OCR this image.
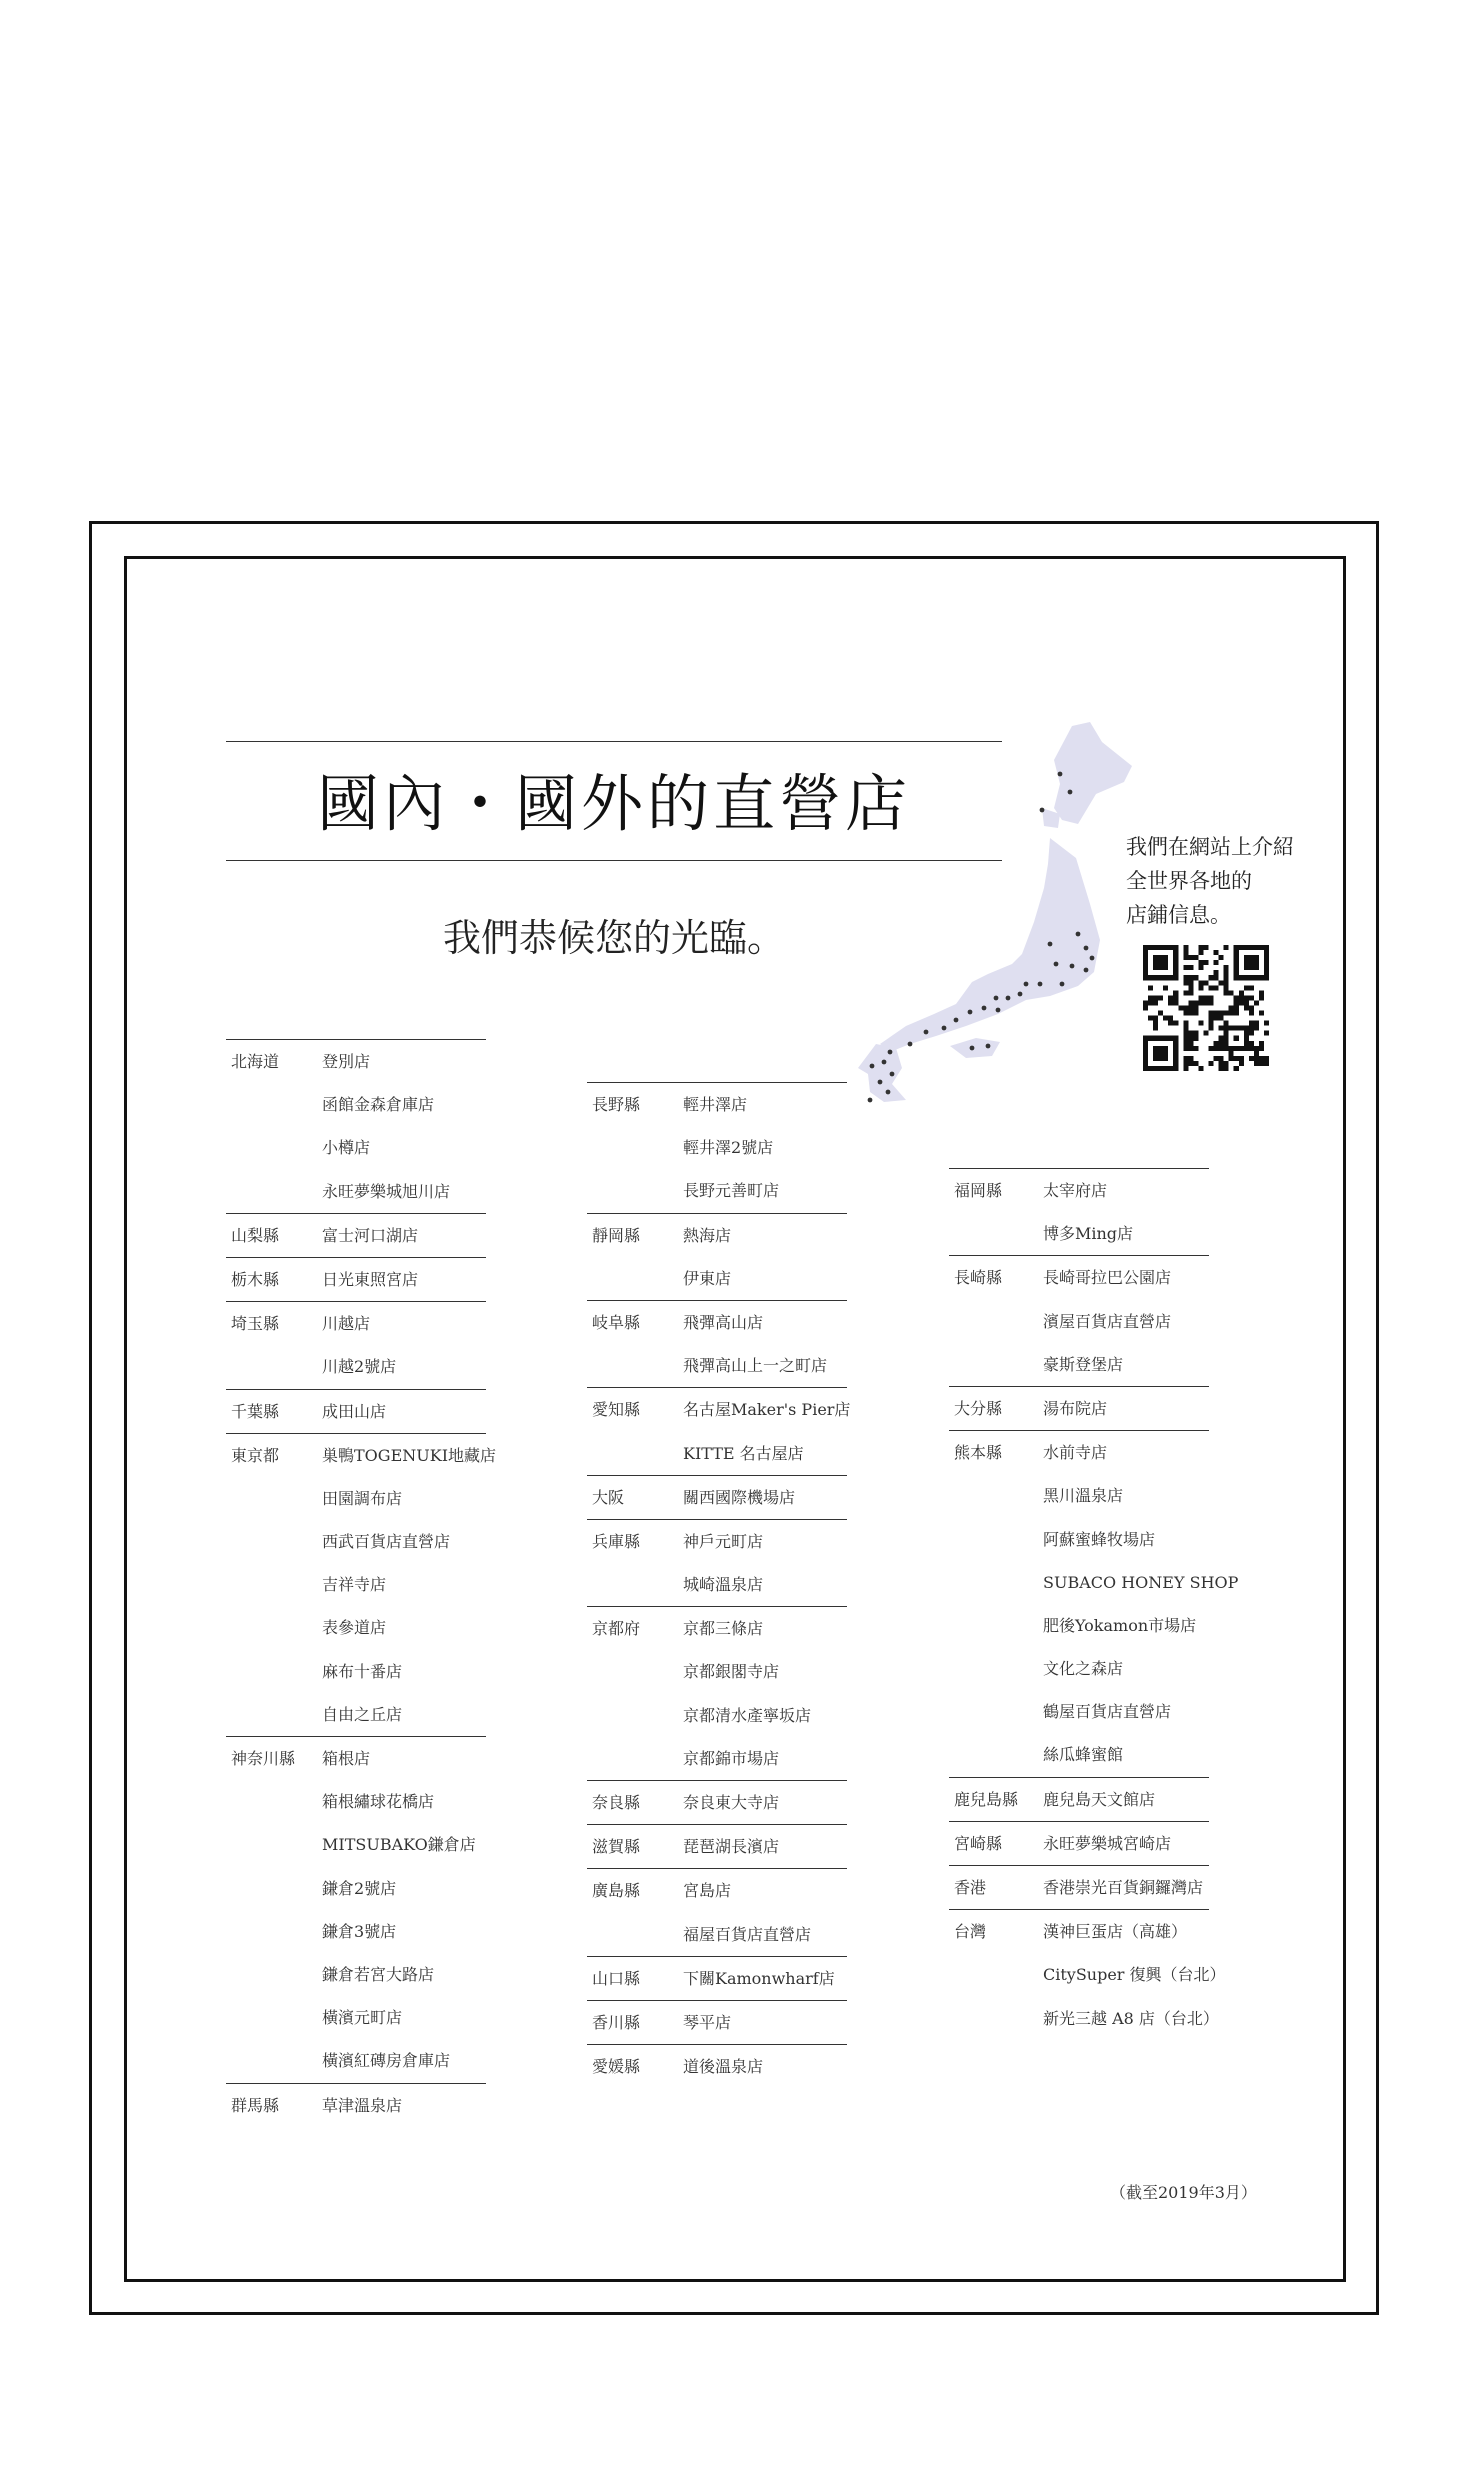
國內・國外的直營店
我們恭候您的光臨。
我們在網站上介紹
全世界各地的
店鋪信息。
北海道	登別店
函館金森倉庫店
小樽店
永旺夢樂城旭川店
山梨縣	富士河口湖店
栃木縣	日光東照宮店
埼玉縣	川越店
川越2號店
千葉縣	成田山店
東京都	巣鴨TOGENUKI地藏店
田園調布店
西武百貨店直營店
吉祥寺店
表參道店
麻布十番店
自由之丘店
神奈川縣 箱根店
箱根繡球花橋店
MITSUBAKO鎌倉店
鎌倉2號店
鎌倉3號店
鎌倉若宮大路店
橫濱元町店
橫濱紅磚房倉庫店
群馬縣	草津溫泉店
長野縣	輕井澤店
輕井澤2號店
長野元善町店
靜岡縣	熱海店
伊東店
岐阜縣	飛彈高山店
飛彈高山上一之町店
愛知縣	名古屋Maker's Pier店
KITTE 名古屋店
大阪	關西國際機場店
兵庫縣	神戶元町店
城崎溫泉店
京都府	京都三條店
京都銀閣寺店
京都清水產寧坂店
京都錦市場店
奈良縣	奈良東大寺店
滋賀縣	琵琶湖長濱店
廣島縣	宮島店
福屋百貨店直營店
山口縣	下關Kamonwharf店
香川縣	琴平店
愛媛縣	道後溫泉店
福岡縣	太宰府店
博多Ming店
長崎縣	長崎哥拉巴公園店
濱屋百貨店直營店
豪斯登堡店
大分縣	湯布院店
熊本縣	水前寺店
黑川溫泉店
阿蘇蜜蜂牧場店
SUBACO HONEY SHOP
肥後Yokamon市場店
文化之森店
鶴屋百貨店直營店
絲瓜蜂蜜館
鹿兒島縣 鹿兒島天文館店
宮崎縣	永旺夢樂城宮崎店
香港	香港崇光百貨銅鑼灣店
台灣	漢神巨蛋店（高雄）
CitySuper 復興（台北）
新光三越 A8 店（台北）
（截至2019年3月）
